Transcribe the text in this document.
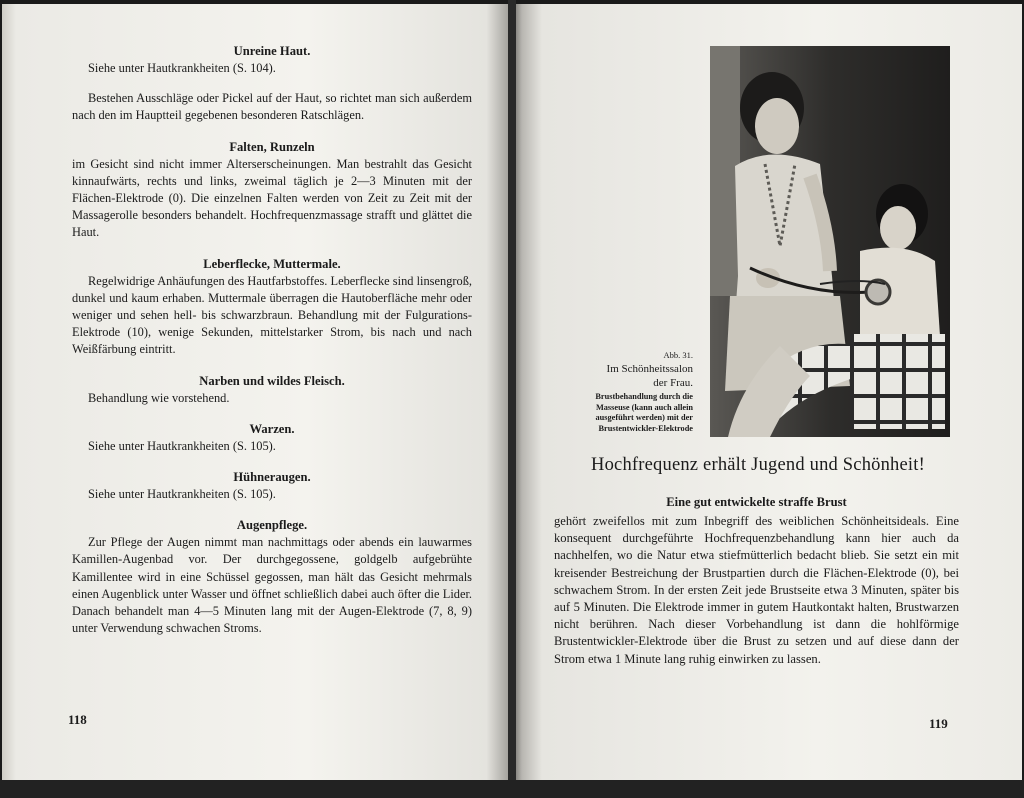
Unreine Haut.

Siehe unter Hautkrankheiten (S. 104).

Bestehen Ausschläge oder Pickel auf der Haut, so richtet man sich außerdem nach den im Hauptteil gegebenen besonderen Ratschlägen.

Falten, Runzeln

im Gesicht sind nicht immer Alterserscheinungen. Man bestrahlt das Gesicht kinnaufwärts, rechts und links, zweimal täglich je 2—3 Minuten mit der Flächen-Elektrode (0). Die einzelnen Falten werden von Zeit zu Zeit mit der Massagerolle besonders behandelt. Hochfrequenzmassage strafft und glättet die Haut.

Leberflecke, Muttermale.

Regelwidrige Anhäufungen des Hautfarbstoffes. Leberflecke sind linsengroß, dunkel und kaum erhaben. Muttermale überragen die Hautoberfläche mehr oder weniger und sehen hell- bis schwarzbraun. Behandlung mit der Fulgurations-Elektrode (10), wenige Sekunden, mittelstarker Strom, bis nach und nach Weißfärbung eintritt.

Narben und wildes Fleisch.

Behandlung wie vorstehend.

Warzen.

Siehe unter Hautkrankheiten (S. 105).

Hühneraugen.

Siehe unter Hautkrankheiten (S. 105).

Augenpflege.

Zur Pflege der Augen nimmt man nachmittags oder abends ein lauwarmes Kamillen-Augenbad vor. Der durchgegossene, goldgelb aufgebrühte Kamillentee wird in eine Schüssel gegossen, man hält das Gesicht mehrmals einen Augenblick unter Wasser und öffnet schließlich dabei auch öfter die Lider. Danach behandelt man 4—5 Minuten lang mit der Augen-Elektrode (7, 8, 9) unter Verwendung schwachen Stroms.

118
Abb. 31.
Im Schönheitssalon
der Frau.
Brustbehandlung durch die Masseuse (kann auch allein ausgeführt werden) mit der Brustentwickler-Elektrode
Hochfrequenz erhält Jugend und Schönheit!
Eine gut entwickelte straffe Brust

gehört zweifellos mit zum Inbegriff des weiblichen Schönheitsideals. Eine konsequent durchgeführte Hochfrequenzbehandlung kann hier auch da nachhelfen, wo die Natur etwa stiefmütterlich bedacht blieb. Sie setzt ein mit kreisender Bestreichung der Brustpartien durch die Flächen-Elektrode (0), bei schwachem Strom. In der ersten Zeit jede Brustseite etwa 3 Minuten, später bis auf 5 Minuten. Die Elektrode immer in gutem Hautkontakt halten, Brustwarzen nicht berühren. Nach dieser Vorbehandlung ist dann die hohlförmige Brustentwickler-Elektrode über die Brust zu setzen und auf diese dann der Strom etwa 1 Minute lang ruhig einwirken zu lassen.

119
